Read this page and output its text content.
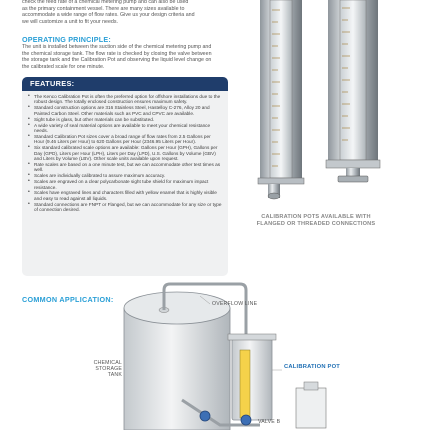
check the feed rate of a chemical metering pump and can also be used

as the primary containment vessel. There are many sizes available to

accommodate a wide range of flow rates. Give us your design criteria and

we will customize a unit to fit your needs.

OPERATING PRINCIPLE:

The unit is installed between the suction side of the chemical metering pump and the chemical storage tank. The flow rate is checked by closing the valve between the storage tank and the Calibration Pot and observing the liquid level change on the calibrated scale for one minute.

FEATURES:
• The Kenco Calibration Pot is often the preferred option for offshore installations due to the robust design. The totally enclosed construction ensures maximum safety.
• Standard construction options are 316 Stainless Steel, Hastelloy C-276, Alloy 20 and Painted Carbon Steel. Other materials such as PVC and CPVC are available.
• Sight tube is glass, but other materials can be substituted.
• A wide variety of seal material options are available to meet your chemical resistance needs.
• Standard Calibration Pot sizes cover a broad range of flow rates from 2.5 Gallons per Hour (9.46 Liters per Hour) to 620 Gallons per Hour (2346.95 Liters per Hour).
• Six standard calibrated scale options are available: Gallons per Hour (GPH), Gallons per Day (GPD), Liters per Hour (LPH), Liters per Day (LPD), U.S. Gallons by Volume (GBV) and Liters by Volume (LBV). Other scale units available upon request.
• Rate scales are based on a one minute test, but we can accommodate other test times as well.
• Scales are individually calibrated to assure maximum accuracy.
• Scales are engraved on a clear polycarbonate sight tube shield for maximum impact resistance.
• Scales have engraved lines and characters filled with yellow enamel that is highly visible and easy to read against all liquids.
• Standard connections are FNPT or Flanged, but we can accommodate for any size or type of connection desired.
CALIBRATION POTS AVAILABLE WITH
FLANGED OR THREADED CONNECTIONS
COMMON APPLICATION:	OVERFLOW LINE
CHEMICAL
STORAGE TANK
CALIBRATION POT
VALVE B
